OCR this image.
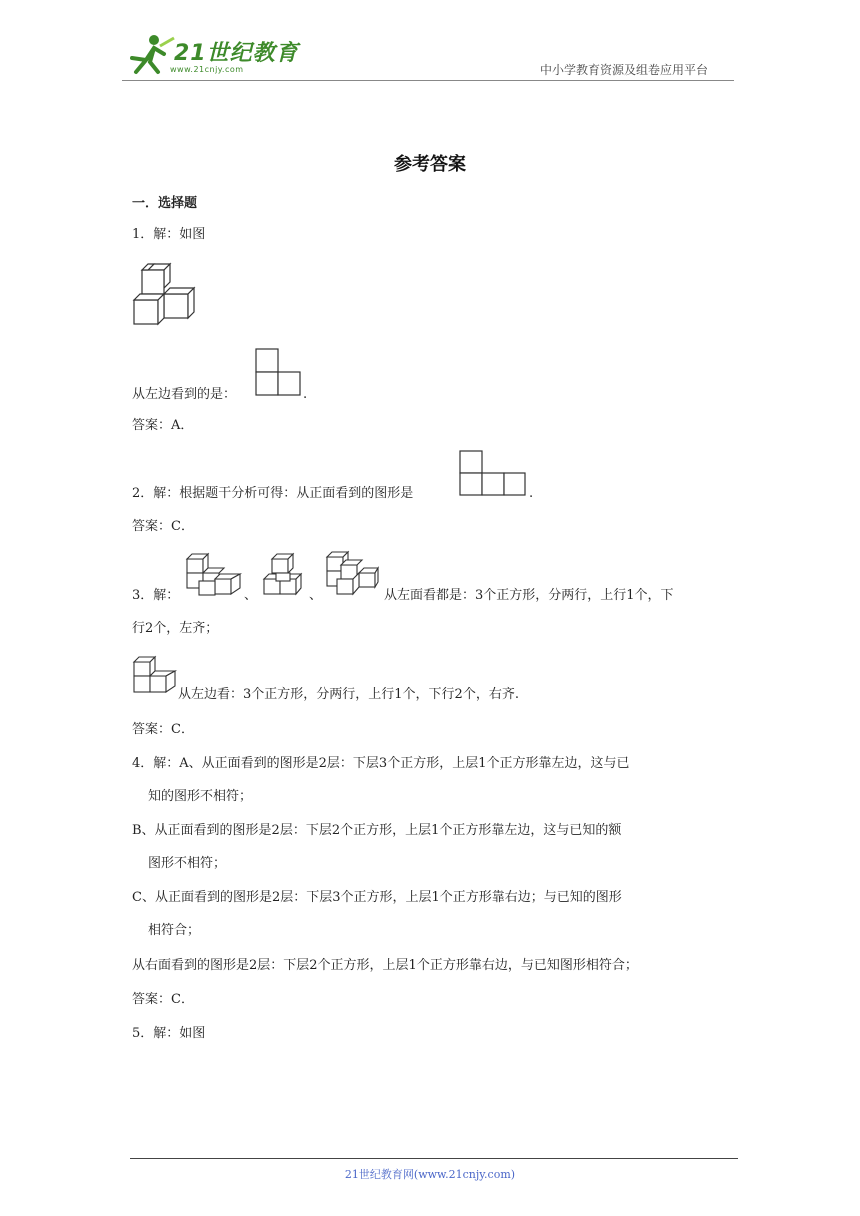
21世纪教育
www.21cnjy.com	中小学教育资源及组卷应用平台
参考答案
一．选择题
1．解：如图
从左边看到的是：	.
答案：A．
2．解：根据题干分析可得：从正面看到的图形是	.
答案：C．
3．解：	、	、	从左面看都是：3个正方形，分两行，上行1个，下
行2个，左齐；
从左边看：3个正方形，分两行，上行1个，下行2个，右齐.
答案：C．
4．解：A、从正面看到的图形是2层：下层3个正方形，上层1个正方形靠左边，这与已
知的图形不相符；
B、从正面看到的图形是2层：下层2个正方形，上层1个正方形靠左边，这与已知的额
图形不相符；
C、从正面看到的图形是2层：下层3个正方形，上层1个正方形靠右边；与已知的图形
相符合；
从右面看到的图形是2层：下层2个正方形，上层1个正方形靠右边，与已知图形相符合；
答案：C．
5．解：如图
21世纪教育网(www.21cnjy.com)
